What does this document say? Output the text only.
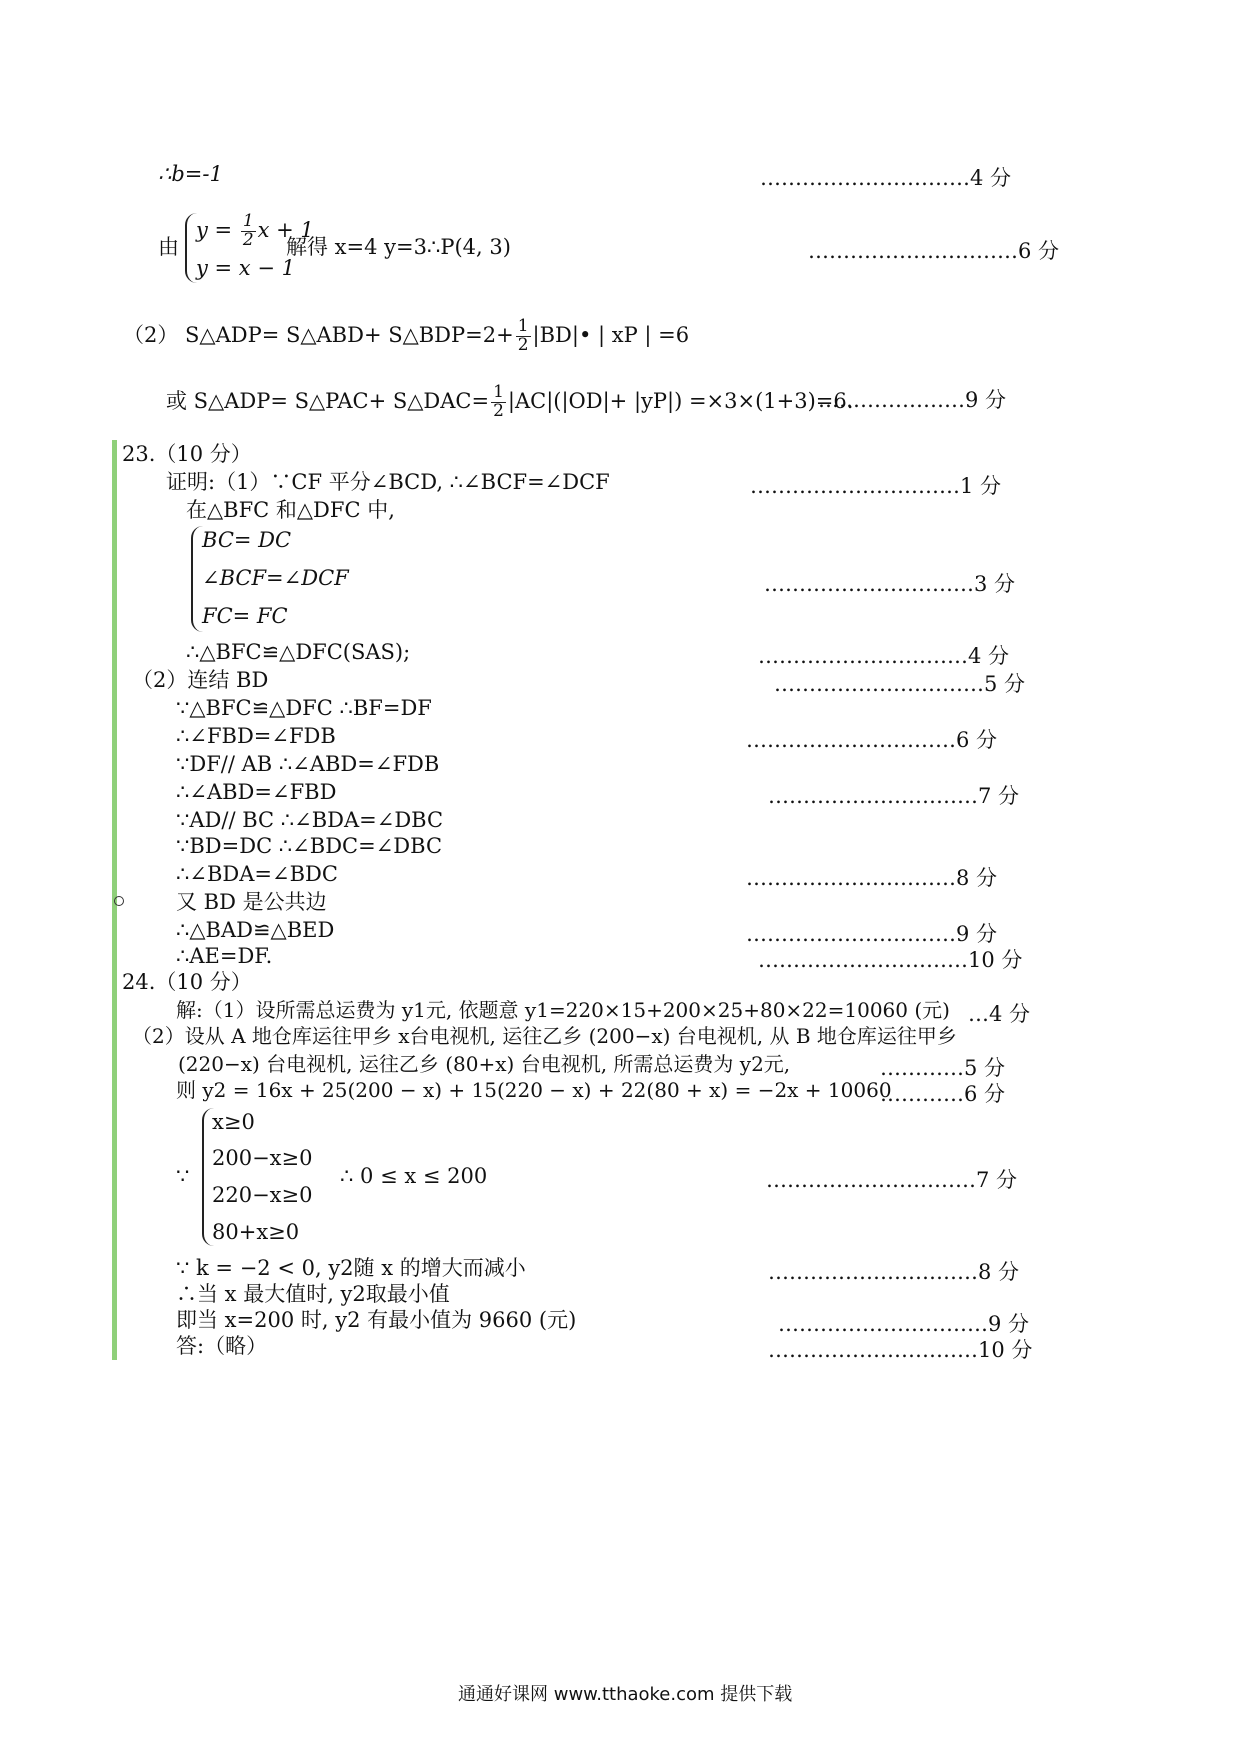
∴b=-1	…………………………4 分
由
$y = \frac{1}{2}$ x + 1
y = x − 1
解得 x=4 y=3∴P(4, 3)	…………………………6 分
（2） S△ADP= S△ABD+ S△BDP=2+ $\frac{1}{2}$ |BD|• | xP | =6
或 S△ADP= S△PAC+ S△DAC= $\frac{1}{2} |AC|(|OD|+ |yP|) =\times 3\times(1+3)=6$.
…………………9 分
23.（10 分）
证明:（1）∵CF 平分∠BCD, ∴∠BCF=∠DCF	…………………………1 分
在△BFC 和△DFC 中,
BC= DC
∠BCF=∠DCF
FC= FC
…………………………3 分
∴△BFC≌△DFC(SAS);	…………………………4 分
（2）连结 BD	…………………………5 分
∵△BFC≌△DFC ∴BF=DF
∴∠FBD=∠FDB	…………………………6 分
∵DF// AB ∴∠ABD=∠FDB
∴∠ABD=∠FBD	…………………………7 分
∵AD// BC ∴∠BDA=∠DBC
∵BD=DC ∴∠BDC=∠DBC
∴∠BDA=∠BDC	…………………………8 分
又 BD 是公共边
∴△BAD≌△BED	…………………………9 分
∴AE=DF.	…………………………10 分
24.（10 分）
解:（1）设所需总运费为 y1元, 依题意 y1=220×15+200×25+80×22=10060 (元) …4 分
（2）设从 A 地仓库运往甲乡 x台电视机, 运往乙乡 (200−x) 台电视机, 从 B 地仓库运往甲乡
(220−x) 台电视机, 运往乙乡 (80+x) 台电视机, 所需总运费为 y2元,	…………5 分
则 y2 = 16x + 25(200 − x) + 15(220 − x) + 22(80 + x) = −2x + 10060
…………6 分
∵
x≥0
200−x≥0
220−x≥0
80+x≥0
∴ 0 ≤ x ≤ 200	…………………………7 分
∵ k = −2 < 0, y2随 x 的增大而减小	…………………………8 分
∴当 x 最大值时, y2取最小值
即当 x=200 时, y2 有最小值为 9660 (元)	…………………………9 分
答:（略）	…………………………10 分
通通好课网 www.tthaoke.com 提供下载
